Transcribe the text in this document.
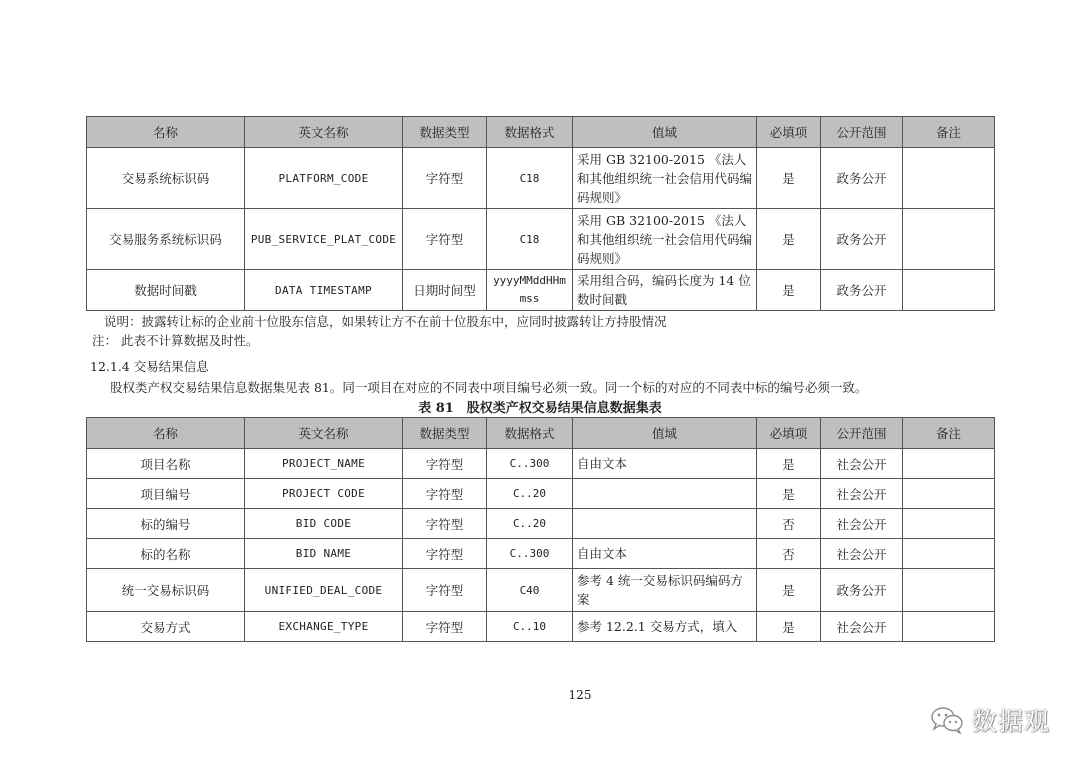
名称	英文名称	数据类型	数据格式	值域	必填项	公开范围	备注
交易系统标识码	PLATFORM_CODE	字符型	C18	采用 GB 32100-2015 《法人和其他组织统一社会信用代码编码规则》	是	政务公开	
交易服务系统标识码	PUB_SERVICE_PLAT_CODE	字符型	C18	采用 GB 32100-2015 《法人和其他组织统一社会信用代码编码规则》	是	政务公开	
数据时间戳	DATA TIMESTAMP	日期时间型	yyyyMMddHHmmss	采用组合码，编码长度为 14 位数时间戳	是	政务公开	
说明：披露转让标的企业前十位股东信息，如果转让方不在前十位股东中，应同时披露转让方持股情况
注： 此表不计算数据及时性。
12.1.4 交易结果信息
股权类产权交易结果信息数据集见表 81。同一项目在对应的不同表中项目编号必须一致。同一个标的对应的不同表中标的编号必须一致。
表 81　股权类产权交易结果信息数据集表
名称	英文名称	数据类型	数据格式	值域	必填项	公开范围	备注
项目名称	PROJECT_NAME	字符型	C..300	自由文本	是	社会公开	
项目编号	PROJECT CODE	字符型	C..20		是	社会公开	
标的编号	BID CODE	字符型	C..20		否	社会公开	
标的名称	BID NAME	字符型	C..300	自由文本	否	社会公开	
统一交易标识码	UNIFIED_DEAL_CODE	字符型	C40	参考 4 统一交易标识码编码方案	是	政务公开	
交易方式	EXCHANGE_TYPE	字符型	C..10	参考 12.2.1 交易方式，填入	是	社会公开	
125
数据观
